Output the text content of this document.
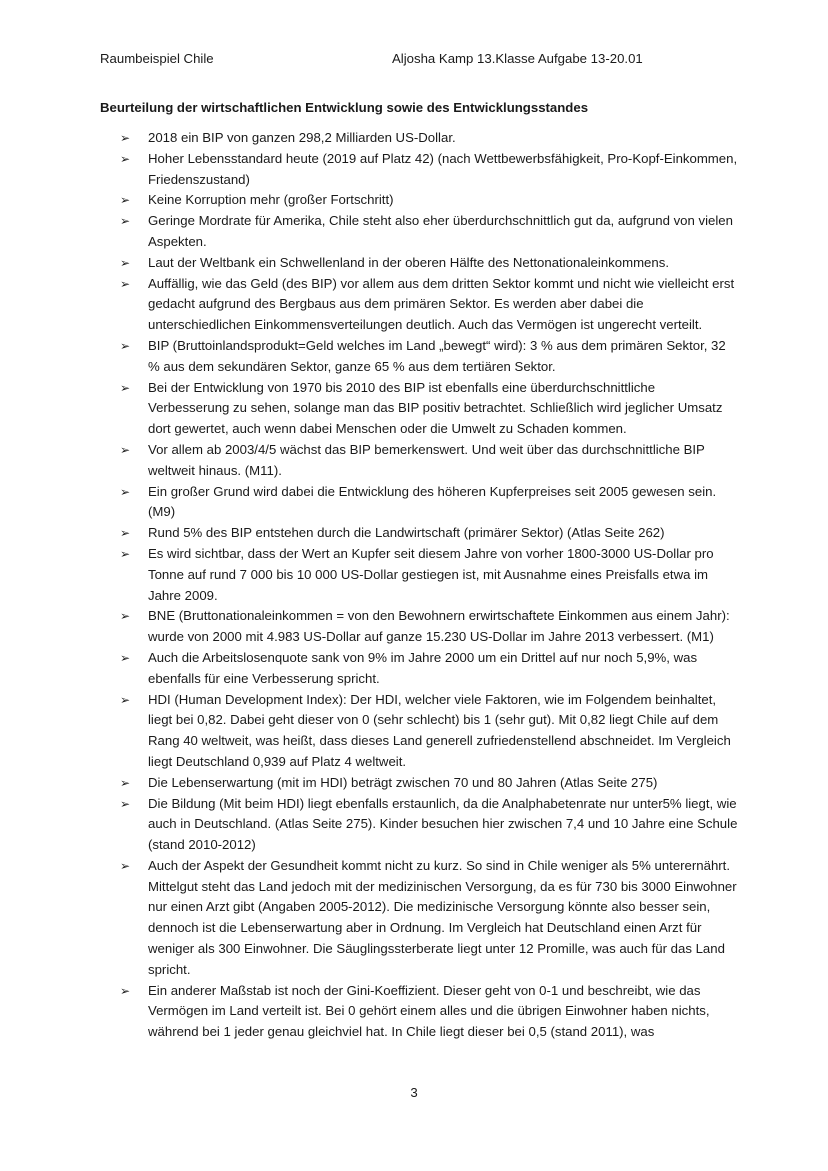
Raumbeispiel Chile	Aljosha Kamp 13.Klasse Aufgabe 13-20.01
Beurteilung der wirtschaftlichen Entwicklung sowie des Entwicklungsstandes
➢ 2018 ein BIP von ganzen 298,2 Milliarden US-Dollar.
➢ Hoher Lebensstandard heute (2019 auf Platz 42) (nach Wettbewerbsfähigkeit, Pro-Kopf-Einkommen, Friedenszustand)
➢ Keine Korruption mehr (großer Fortschritt)
➢ Geringe Mordrate für Amerika, Chile steht also eher überdurchschnittlich gut da, aufgrund von vielen Aspekten.
➢ Laut der Weltbank ein Schwellenland in der oberen Hälfte des Nettonationaleinkommens.
➢ Auffällig, wie das Geld (des BIP) vor allem aus dem dritten Sektor kommt und nicht wie vielleicht erst gedacht aufgrund des Bergbaus aus dem primären Sektor. Es werden aber dabei die unterschiedlichen Einkommensverteilungen deutlich. Auch das Vermögen ist ungerecht verteilt.
➢ BIP (Bruttoinlandsprodukt=Geld welches im Land „bewegt“ wird): 3 % aus dem primären Sektor, 32 % aus dem sekundären Sektor, ganze 65 % aus dem tertiären Sektor.
➢ Bei der Entwicklung von 1970 bis 2010 des BIP ist ebenfalls eine überdurchschnittliche Verbesserung zu sehen, solange man das BIP positiv betrachtet. Schließlich wird jeglicher Umsatz dort gewertet, auch wenn dabei Menschen oder die Umwelt zu Schaden kommen.
➢ Vor allem ab 2003/4/5 wächst das BIP bemerkenswert. Und weit über das durchschnittliche BIP weltweit hinaus. (M11).
➢ Ein großer Grund wird dabei die Entwicklung des höheren Kupferpreises seit 2005 gewesen sein. (M9)
➢ Rund 5% des BIP entstehen durch die Landwirtschaft (primärer Sektor) (Atlas Seite 262)
➢ Es wird sichtbar, dass der Wert an Kupfer seit diesem Jahre von vorher 1800-3000 US-Dollar pro Tonne auf rund 7 000 bis 10 000 US-Dollar gestiegen ist, mit Ausnahme eines Preisfalls etwa im Jahre 2009.
➢ BNE (Bruttonationaleinkommen = von den Bewohnern erwirtschaftete Einkommen aus einem Jahr): wurde von 2000 mit 4.983 US-Dollar auf ganze 15.230 US-Dollar im Jahre 2013 verbessert. (M1)
➢ Auch die Arbeitslosenquote sank von 9% im Jahre 2000 um ein Drittel auf nur noch 5,9%, was ebenfalls für eine Verbesserung spricht.
➢ HDI (Human Development Index): Der HDI, welcher viele Faktoren, wie im Folgendem beinhaltet, liegt bei 0,82. Dabei geht dieser von 0 (sehr schlecht) bis 1 (sehr gut). Mit 0,82 liegt Chile auf dem Rang 40 weltweit, was heißt, dass dieses Land generell zufriedenstellend abschneidet. Im Vergleich liegt Deutschland 0,939 auf Platz 4 weltweit.
➢ Die Lebenserwartung (mit im HDI) beträgt zwischen 70 und 80 Jahren (Atlas Seite 275)
➢ Die Bildung (Mit beim HDI) liegt ebenfalls erstaunlich, da die Analphabetenrate nur unter5% liegt, wie auch in Deutschland. (Atlas Seite 275). Kinder besuchen hier zwischen 7,4 und 10 Jahre eine Schule (stand 2010-2012)
➢ Auch der Aspekt der Gesundheit kommt nicht zu kurz. So sind in Chile weniger als 5% unterernährt. Mittelgut steht das Land jedoch mit der medizinischen Versorgung, da es für 730 bis 3000 Einwohner nur einen Arzt gibt (Angaben 2005-2012). Die medizinische Versorgung könnte also besser sein, dennoch ist die Lebenserwartung aber in Ordnung. Im Vergleich hat Deutschland einen Arzt für weniger als 300 Einwohner. Die Säuglingssterberate liegt unter 12 Promille, was auch für das Land spricht.
➢ Ein anderer Maßstab ist noch der Gini-Koeffizient. Dieser geht von 0-1 und beschreibt, wie das Vermögen im Land verteilt ist. Bei 0 gehört einem alles und die übrigen Einwohner haben nichts, während bei 1 jeder genau gleichviel hat. In Chile liegt dieser bei 0,5 (stand 2011), was
3
